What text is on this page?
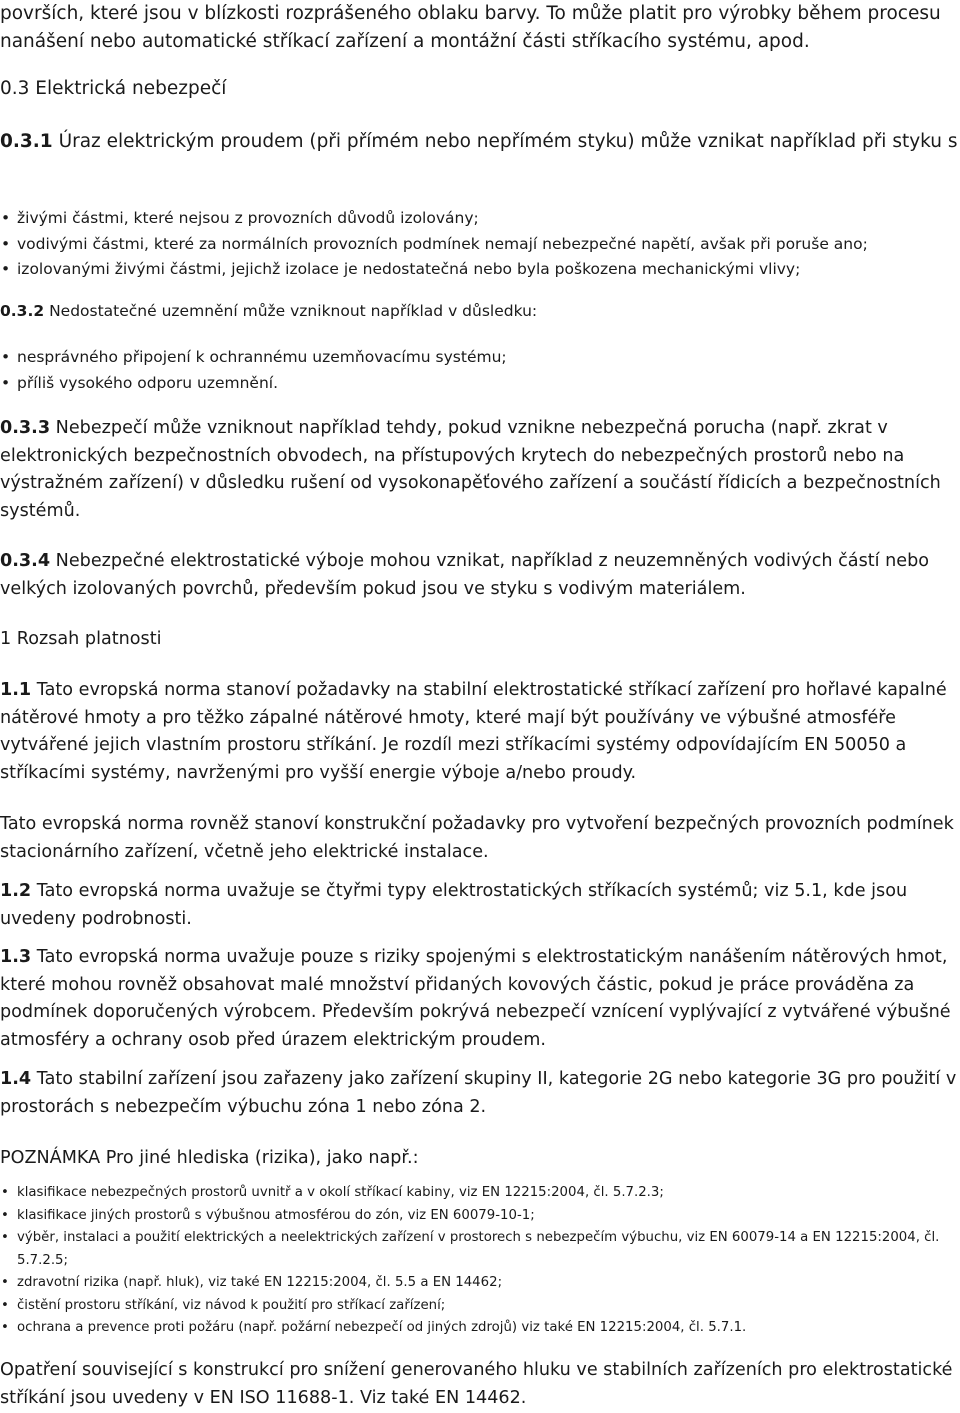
površích, které jsou v blízkosti rozprášeného oblaku barvy. To může platit pro výrobky během procesu nanášení nebo automatické stříkací zařízení a montážní části stříkacího systému, apod.

0.3 Elektrická nebezpečí

0.3.1 Úraz elektrickým proudem (při přímém nebo nepřímém styku) může vznikat například při styku s

• živými částmi, které nejsou z provozních důvodů izolovány;
• vodivými částmi, které za normálních provozních podmínek nemají nebezpečné napětí, avšak při poruše ano;
• izolovanými živými částmi, jejichž izolace je nedostatečná nebo byla poškozena mechanickými vlivy;

0.3.2 Nedostatečné uzemnění může vzniknout například v důsledku:

• nesprávného připojení k ochrannému uzemňovacímu systému;
• příliš vysokého odporu uzemnění.

0.3.3 Nebezpečí může vzniknout například tehdy, pokud vznikne nebezpečná porucha (např. zkrat v elektronických bezpečnostních obvodech, na přístupových krytech do nebezpečných prostorů nebo na výstražném zařízení) v důsledku rušení od vysokonapěťového zařízení a součástí řídicích a bezpečnostních systémů.

0.3.4 Nebezpečné elektrostatické výboje mohou vznikat, například z neuzemněných vodivých částí nebo velkých izolovaných povrchů, především pokud jsou ve styku s vodivým materiálem.

1 Rozsah platnosti

1.1 Tato evropská norma stanoví požadavky na stabilní elektrostatické stříkací zařízení pro hořlavé kapalné nátěrové hmoty a pro těžko zápalné nátěrové hmoty, které mají být používány ve výbušné atmosféře vytvářené jejich vlastním prostoru stříkání. Je rozdíl mezi stříkacími systémy odpovídajícím EN 50050 a stříkacími systémy, navrženými pro vyšší energie výboje a/nebo proudy.

Tato evropská norma rovněž stanoví konstrukční požadavky pro vytvoření bezpečných provozních podmínek stacionárního zařízení, včetně jeho elektrické instalace.

1.2 Tato evropská norma uvažuje se čtyřmi typy elektrostatických stříkacích systémů; viz 5.1, kde jsou uvedeny podrobnosti.

1.3 Tato evropská norma uvažuje pouze s riziky spojenými s elektrostatickým nanášením nátěrových hmot, které mohou rovněž obsahovat malé množství přidaných kovových částic, pokud je práce prováděna za podmínek doporučených výrobcem. Především pokrývá nebezpečí vznícení vyplývající z vytvářené výbušné atmosféry a ochrany osob před úrazem elektrickým proudem.

1.4 Tato stabilní zařízení jsou zařazeny jako zařízení skupiny II, kategorie 2G nebo kategorie 3G pro použití v prostorách s nebezpečím výbuchu zóna 1 nebo zóna 2.

POZNÁMKA Pro jiné hlediska (rizika), jako např.:

• klasifikace nebezpečných prostorů uvnitř a v okolí stříkací kabiny, viz EN 12215:2004, čl. 5.7.2.3;
• klasifikace jiných prostorů s výbušnou atmosférou do zón, viz EN 60079-10-1;
• výběr, instalaci a použití elektrických a neelektrických zařízení v prostorech s nebezpečím výbuchu, viz EN 60079-14 a EN 12215:2004, čl. 5.7.2.5;
• zdravotní rizika (např. hluk), viz také EN 12215:2004, čl. 5.5 a EN 14462;
• čistění prostoru stříkání, viz návod k použití pro stříkací zařízení;
• ochrana a prevence proti požáru (např. požární nebezpečí od jiných zdrojů) viz také EN 12215:2004, čl. 5.7.1.

Opatření související s konstrukcí pro snížení generovaného hluku ve stabilních zařízeních pro elektrostatické stříkání jsou uvedeny v EN ISO 11688-1. Viz také EN 14462.
